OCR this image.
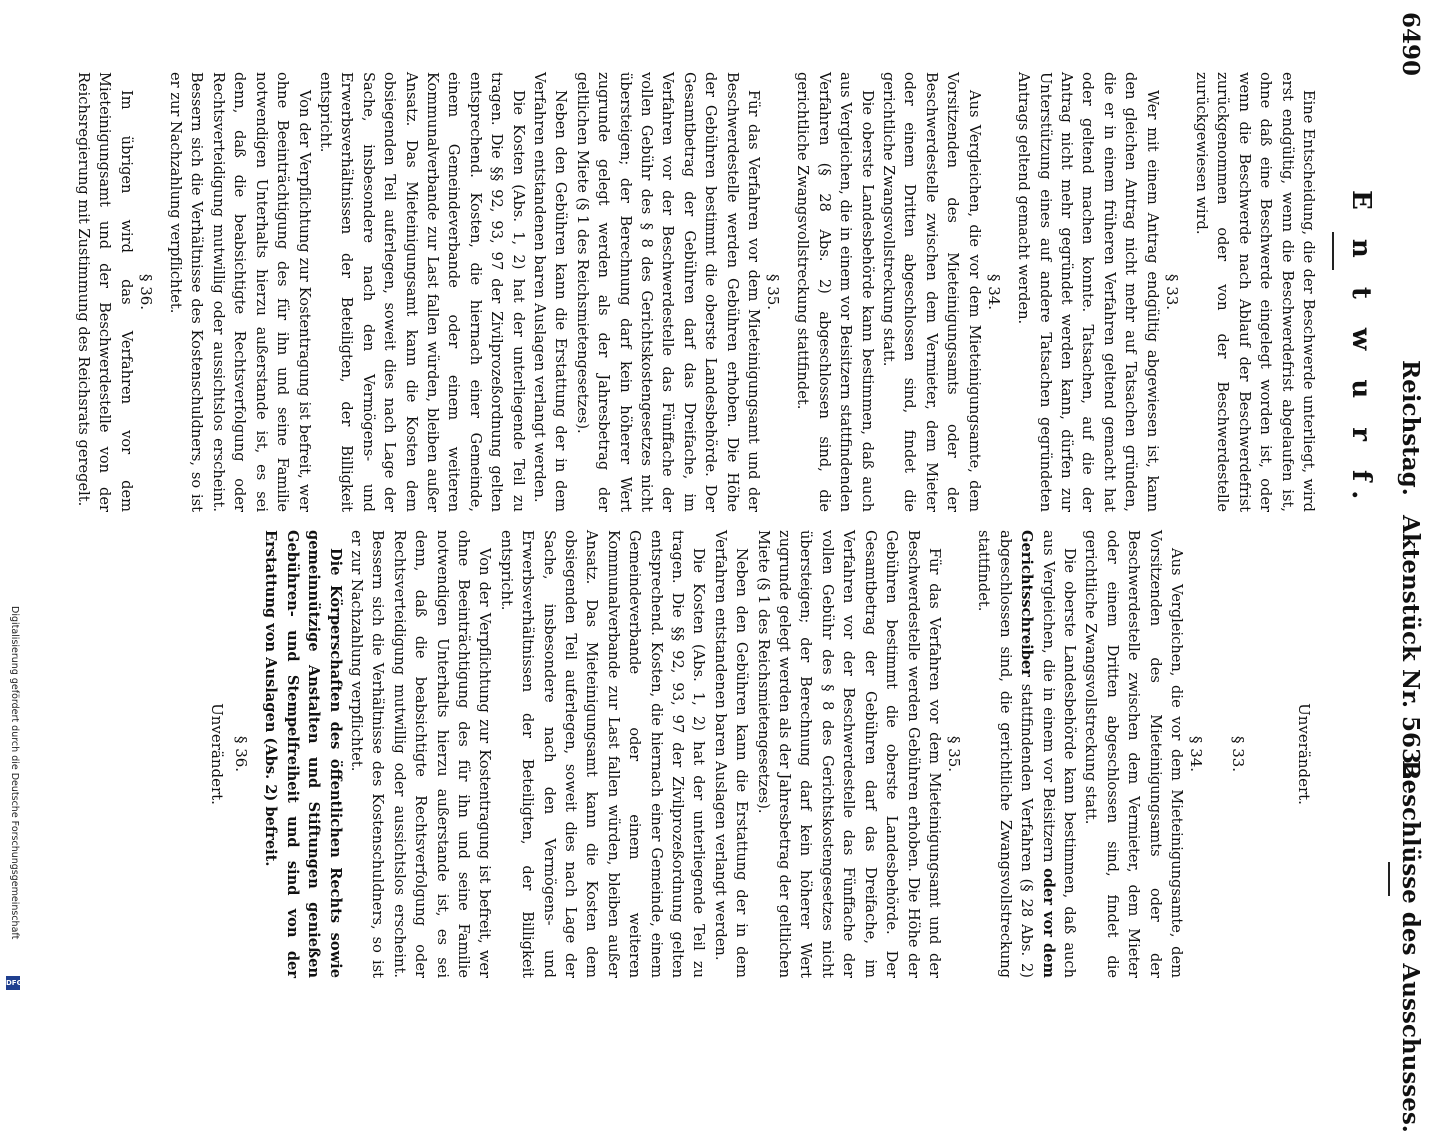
6490
Reichstag.
Aktenstück Nr. 5632.
Beschlüsse des Ausschusses.
E n t w u r f.

Eine Entscheidung, die der Beschwerde unterliegt, wird erst endgültig, wenn die Beschwerdefrist abgelaufen ist, ohne daß eine Beschwerde eingelegt worden ist, oder wenn die Beschwerde nach Ablauf der Beschwerdefrist zurückgenommen oder von der Beschwerdestelle zurückgewiesen wird.

§ 33.

Wer mit einem Antrag endgültig abgewiesen ist, kann den gleichen Antrag nicht mehr auf Tatsachen gründen, die er in einem früheren Verfahren geltend gemacht hat oder geltend machen konnte. Tatsachen, auf die der Antrag nicht mehr gegründet werden kann, dürfen zur Unterstützung eines auf andere Tatsachen gegründeten Antrags geltend gemacht werden.

§ 34.

Aus Vergleichen, die vor dem Mieteinigungsamte, dem Vorsitzenden des Mieteinigungsamts oder der Beschwerdestelle zwischen dem Vermieter, dem Mieter oder einem Dritten abgeschlossen sind, findet die gerichtliche Zwangsvollstreckung statt.

Die oberste Landesbehörde kann bestimmen, daß auch aus Vergleichen, die in einem vor Beisitzern stattfindenden Verfahren (§ 28 Abs. 2) abgeschlossen sind, die gerichtliche Zwangsvollstreckung stattfindet.

§ 35.

Für das Verfahren vor dem Mieteinigungsamt und der Beschwerdestelle werden Gebühren erhoben. Die Höhe der Gebühren bestimmt die oberste Landesbehörde. Der Gesamtbetrag der Gebühren darf das Dreifache, im Verfahren vor der Beschwerdestelle das Fünffache der vollen Gebühr des § 8 des Gerichtskostengesetzes nicht übersteigen; der Berechnung darf kein höherer Wert zugrunde gelegt werden als der Jahresbetrag der geltlichen Miete (§ 1 des Reichsmietengesetzes).

Neben den Gebühren kann die Erstattung der in dem Verfahren entstandenen baren Auslagen verlangt werden.

Die Kosten (Abs. 1, 2) hat der unterliegende Teil zu tragen. Die §§ 92, 93, 97 der Zivilprozeßordnung gelten entsprechend. Kosten, die hiernach einer Gemeinde, einem Gemeindeverbande oder einem weiteren Kommunalverbande zur Last fallen würden, bleiben außer Ansatz. Das Mieteinigungsamt kann die Kosten dem obsiegenden Teil auferlegen, soweit dies nach Lage der Sache, insbesondere nach den Vermögens- und Erwerbsverhältnissen der Beteiligten, der Billigkeit entspricht.

Von der Verpflichtung zur Kostentragung ist befreit, wer ohne Beeinträchtigung des für ihn und seine Familie notwendigen Unterhalts hierzu außerstande ist, es sei denn, daß die beabsichtigte Rechtsverfolgung oder Rechtsverteidigung mutwillig oder aussichtslos erscheint. Bessern sich die Verhältnisse des Kostenschuldners, so ist er zur Nachzahlung verpflichtet.

§ 36.

Im übrigen wird das Verfahren vor dem Mieteinigungsamt und der Beschwerdestelle von der Reichsregierung mit Zustimmung des Reichsrats geregelt.

Unverändert.
§ 33.
§ 34.

Aus Vergleichen, die vor dem Mieteinigungsamte, dem Vorsitzenden des Mieteinigungsamts oder der Beschwerdestelle zwischen dem Vermieter, dem Mieter oder einem Dritten abgeschlossen sind, findet die gerichtliche Zwangsvollstreckung statt.

Die oberste Landesbehörde kann bestimmen, daß auch aus Vergleichen, die in einem vor Beisitzern oder vor dem Gerichtsschreiber stattfindenden Verfahren (§ 28 Abs. 2) abgeschlossen sind, die gerichtliche Zwangsvollstreckung stattfindet.

§ 35.

Für das Verfahren vor dem Mieteinigungsamt und der Beschwerdestelle werden Gebühren erhoben. Die Höhe der Gebühren bestimmt die oberste Landesbehörde. Der Gesamtbetrag der Gebühren darf das Dreifache, im Verfahren vor der Beschwerdestelle das Fünffache der vollen Gebühr des § 8 des Gerichtskostengesetzes nicht übersteigen; der Berechnung darf kein höherer Wert zugrunde gelegt werden als der Jahresbetrag der geltlichen Miete (§ 1 des Reichsmietengesetzes).

Neben den Gebühren kann die Erstattung der in dem Verfahren entstandenen baren Auslagen verlangt werden.

Die Kosten (Abs. 1, 2) hat der unterliegende Teil zu tragen. Die §§ 92, 93, 97 der Zivilprozeßordnung gelten entsprechend. Kosten, die hiernach einer Gemeinde, einem Gemeindeverbande oder einem weiteren Kommunalverbande zur Last fallen würden, bleiben außer Ansatz. Das Mieteinigungsamt kann die Kosten dem obsiegenden Teil auferlegen, soweit dies nach Lage der Sache, insbesondere nach den Vermögens- und Erwerbsverhältnissen der Beteiligten, der Billigkeit entspricht.

Von der Verpflichtung zur Kostentragung ist befreit, wer ohne Beeinträchtigung des für ihn und seine Familie notwendigen Unterhalts hierzu außerstande ist, es sei denn, daß die beabsichtigte Rechtsverfolgung oder Rechtsverteidigung mutwillig oder aussichtslos erscheint. Bessern sich die Verhältnisse des Kostenschuldners, so ist er zur Nachzahlung verpflichtet.

Die Körperschaften des öffentlichen Rechts sowie gemeinnützige Anstalten und Stiftungen genießen Gebühren- und Stempelfreiheit und sind von der Erstattung von Auslagen (Abs. 2) befreit.

§ 36.
Unverändert.
Digitalisierung gefördert durch die Deutsche Forschungsgemeinschaft
DFG
